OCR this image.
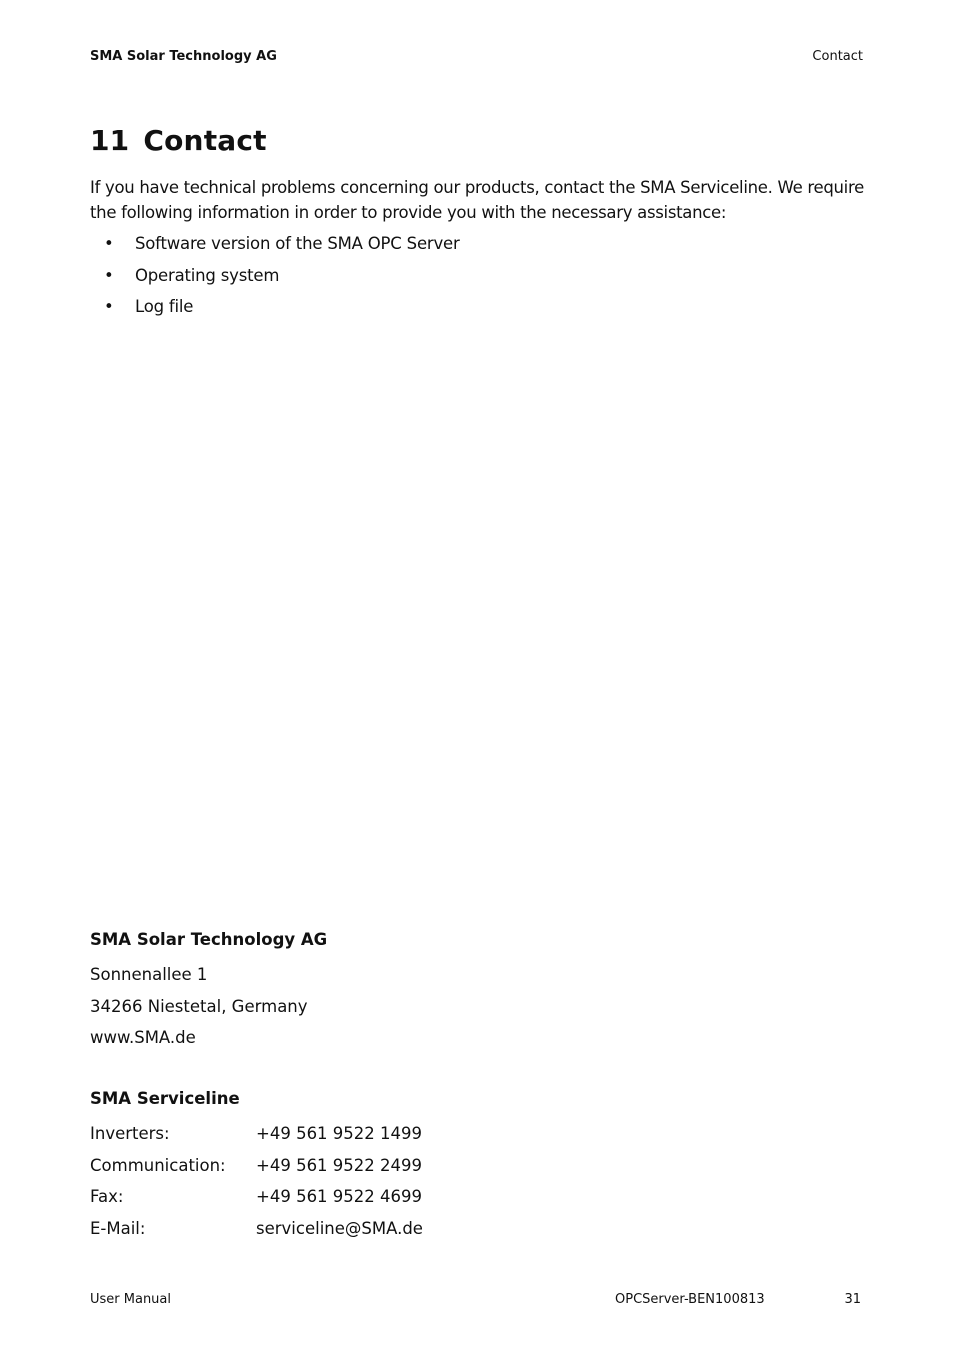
SMA Solar Technology AG	Contact
11 Contact
If you have technical problems concerning our products, contact the SMA Serviceline. We require the following information in order to provide you with the necessary assistance:
• Software version of the SMA OPC Server
• Operating system
• Log file
SMA Solar Technology AG
Sonnenallee 1
34266 Niestetal, Germany
www.SMA.de
SMA Serviceline
Inverters:	+49 561 9522 1499
Communication:	+49 561 9522 2499
Fax:	+49 561 9522 4699
E-Mail:	serviceline@SMA.de
User Manual	OPCServer-BEN100813	31
